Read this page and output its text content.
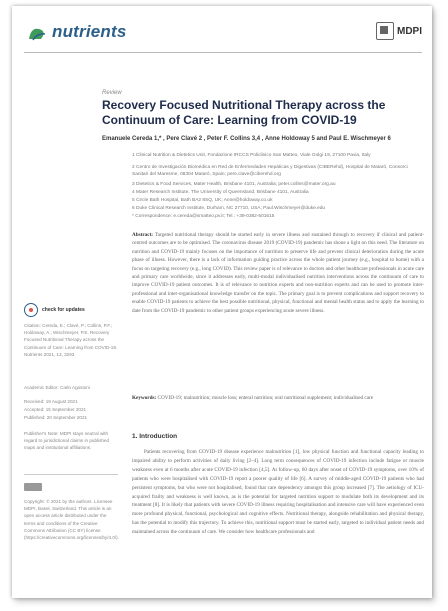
nutrients	MDPI
Review
Recovery Focused Nutritional Therapy across the Continuum of Care: Learning from COVID-19
Emanuele Cereda 1,* , Pere Clavé 2 , Peter F. Collins 3,4 , Anne Holdoway 5 and Paul E. Wischmeyer 6
1 Clinical Nutrition & Dietetics Unit, Fondazione IRCCS Policlinico San Matteo, Viale Golgi 19, 27100 Pavia, Italy
2 Centro de Investigación Biomédica en Red de Enfermedades Hepáticas y Digestivas (CIBERehd), Hospital de Mataró, Consorci Sanitari del Maresme, 08304 Mataró, Spain; pere.clave@ciberehd.org
3 Dietetics & Food Services, Mater Health, Brisbane 4101, Australia; peter.collins@mater.org.au
4 Mater Research Institute, The University of Queensland, Brisbane 4101, Australia
5 Circle Bath Hospital, Bath BA2 8SQ, UK; Anne@holdoway.co.uk
6 Duke Clinical Research Institute, Durham, NC 27710, USA; Paul.Wischmeyer@duke.edu
* Correspondence: e.cereda@smatteo.pv.it; Tel.: +39-0382-501615
Abstract: Targeted nutritional therapy should be started early in severe illness and sustained through to recovery if clinical and patient-centred outcomes are to be optimised. The coronavirus disease 2019 (COVID-19) pandemic has shone a light on this need. The literature on nutrition and COVID-19 mainly focuses on the importance of nutrition to preserve life and prevent clinical deterioration during the acute phase of illness. However, there is a lack of information guiding practice across the whole patient journey (e.g., hospital to home) with a focus on targeting recovery (e.g., long COVID). This review paper is of relevance to doctors and other healthcare professionals in acute care and primary care worldwide, since it addresses early, multi-modal individualised nutrition interventions across the continuum of care to improve COVID-19 patient outcomes. It is of relevance to nutrition experts and non-nutrition experts and can be used to promote inter-professional and inter-organisational knowledge transfer on the topic. The primary goal is to prevent complications and support recovery to enable COVID-19 patients to achieve the best possible nutritional, physical, functional and mental health status and to apply the learning to date from the COVID-19 pandemic to other patient groups experiencing acute severe illness.
Keywords: COVID-19; malnutrition; muscle loss; enteral nutrition; oral nutritional supplement; individualised care
1. Introduction
Patients recovering from COVID-19 disease experience malnutrition [1], low physical function and functional capacity leading to impaired ability to perform activities of daily living [2–4]. Long term consequences of COVID-19 infection include fatigue or muscle weakness even at 6 months after acute COVID-19 infection [4,5]. At follow-up, 60 days after onset of COVID-19 symptoms, over 10% of patients who were hospitalised with COVID-19 report a poorer quality of life [6]. A survey of middle-aged COVID-19 patients who had persistent symptoms, but who were not hospitalised, found that care dependency amongst this group increased [7]. The aetiology of ICU-acquired frailty and weakness is well known, as is the potential for targeted nutrition support to modulate both its development and its treatment [8]. It is likely that patients with severe COVID-19 illness requiring hospitalisation and intensive care will have experienced even more profound physical, functional, psychological and cognitive effects. Nutritional therapy, alongside rehabilitation and physical therapy, has the potential to modify this trajectory. To achieve this, nutritional support must be started early, targeted to individual patient needs and maintained across the continuum of care. We consider how healthcare professionals and
check for updates
Citation: Cereda, E.; Clavé, P.; Collins, P.F.; Holdoway, A.; Wischmeyer, P.E. Recovery Focused Nutritional Therapy across the Continuum of Care: Learning from COVID-19. Nutrients 2021, 13, 3293.
Academic Editor: Carlo Agostoni
Received: 19 August 2021
Accepted: 15 September 2021
Published: 20 September 2021
Publisher's Note: MDPI stays neutral with regard to jurisdictional claims in published maps and institutional affiliations.
Copyright: © 2021 by the authors. Licensee MDPI, Basel, Switzerland. This article is an open access article distributed under the terms and conditions of the Creative Commons Attribution (CC BY) license (https://creativecommons.org/licenses/by/4.0/).
